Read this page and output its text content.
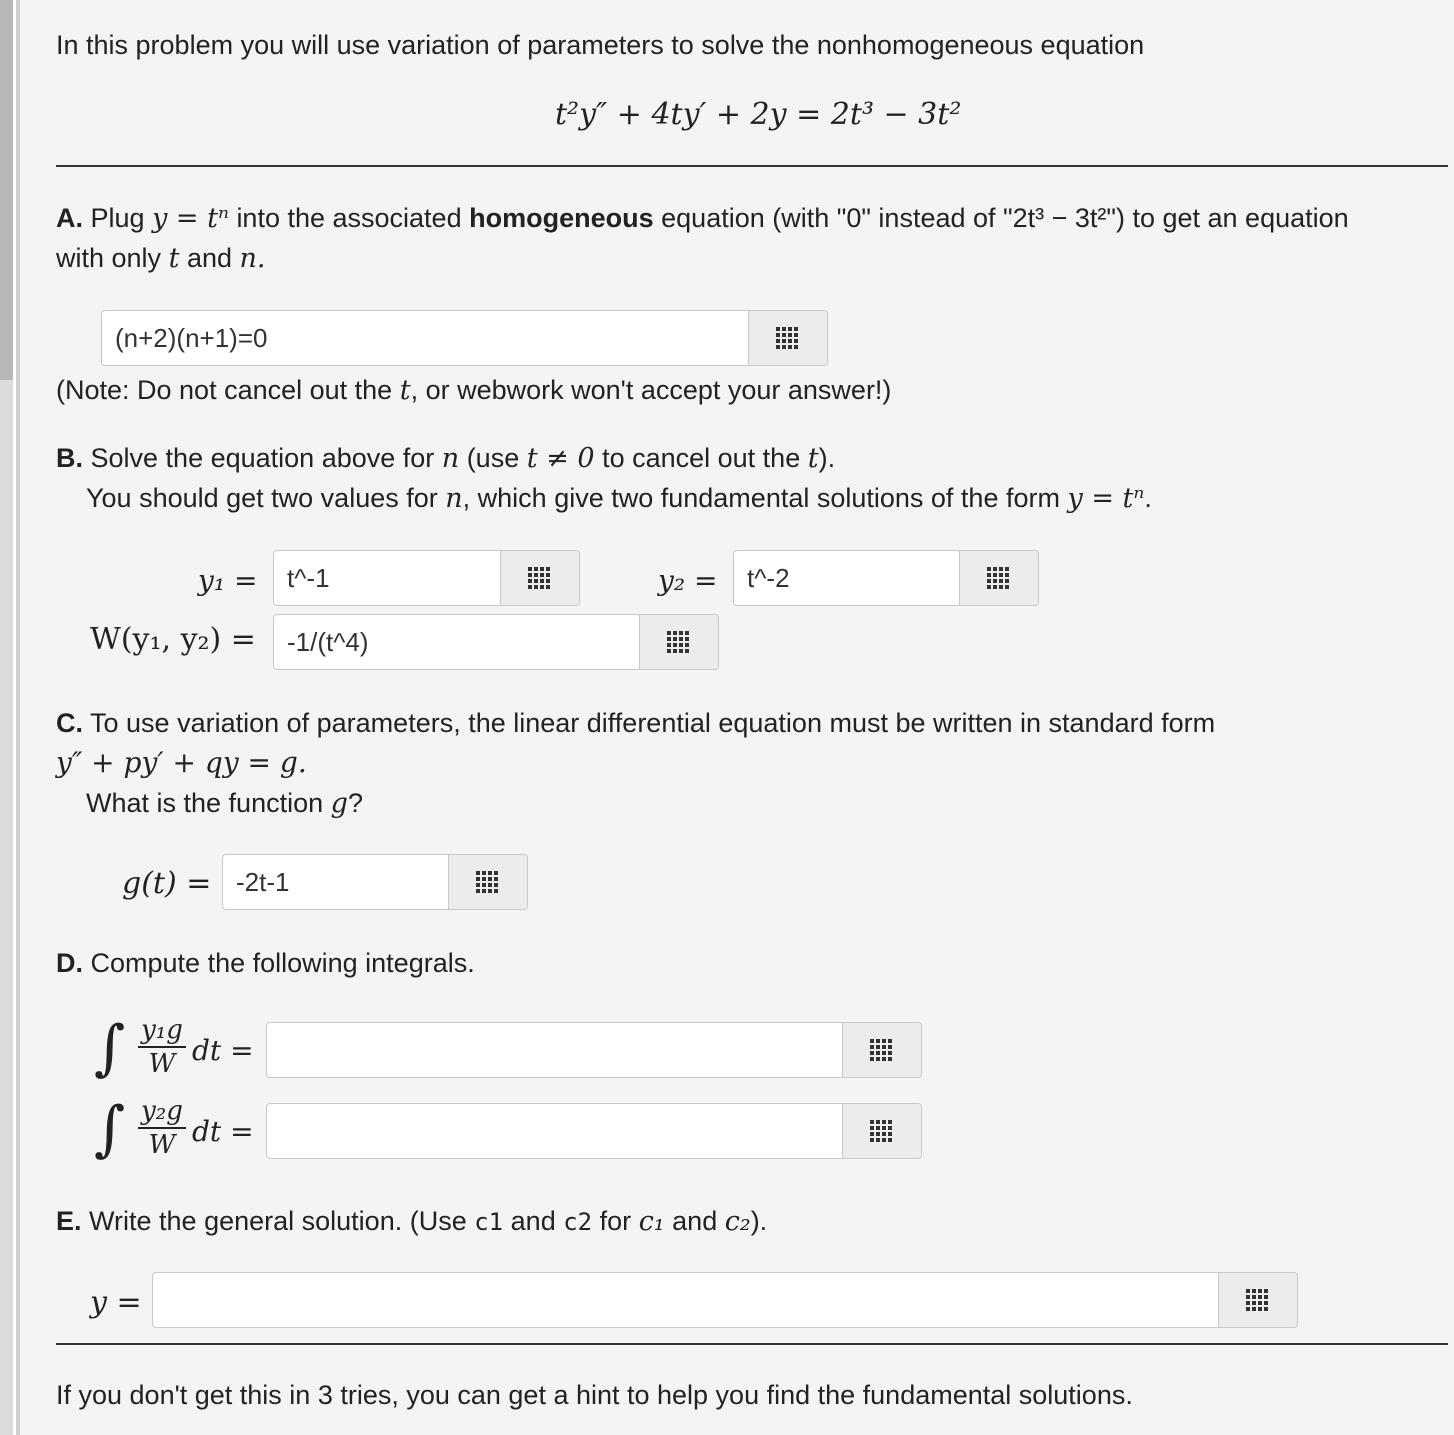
In this problem you will use variation of parameters to solve the nonhomogeneous equation
t²y″ + 4ty′ + 2y = 2t³ − 3t²
A. Plug y = tⁿ into the associated homogeneous equation (with "0" instead of "2t³ − 3t²") to get an equation
with only t and n.
(n+2)(n+1)=0
(Note: Do not cancel out the t, or webwork won't accept your answer!)
B. Solve the equation above for n (use t ≠ 0 to cancel out the t).
You should get two values for n, which give two fundamental solutions of the form y = tⁿ.
y₁ = t^-1	y₂ = t^-2
W(y₁, y₂) = -1/(t^4)
C. To use variation of parameters, the linear differential equation must be written in standard form
y″ + py′ + qy = g.
What is the function g?
g(t) = -2t-1
D. Compute the following integrals.
∫ y₁g
W dt =
∫ y₂g
W dt =
E. Write the general solution. (Use c1 and c2 for c₁ and c₂).
y =
If you don't get this in 3 tries, you can get a hint to help you find the fundamental solutions.
